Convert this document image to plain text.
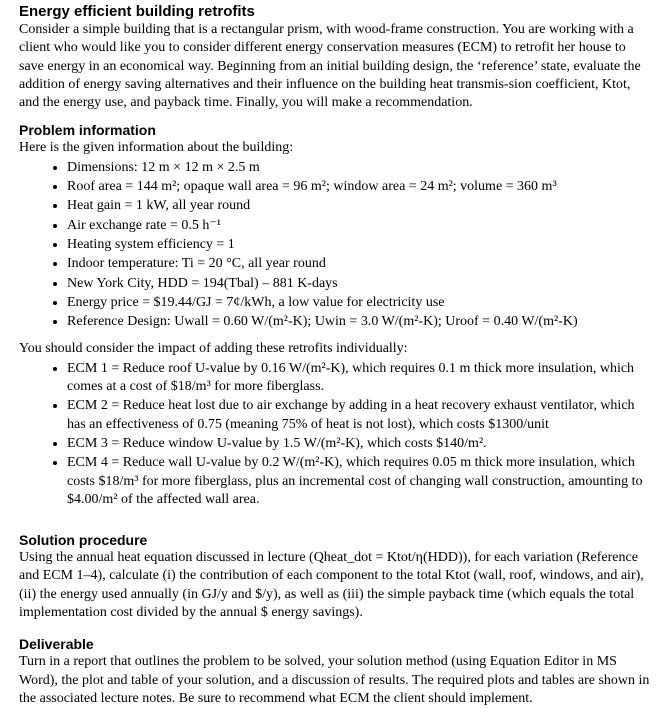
Energy efficient building retrofits

Consider a simple building that is a rectangular prism, with wood-frame construction. You are working with a client who would like you to consider different energy conservation measures (ECM) to retrofit her house to save energy in an economical way. Beginning from an initial building design, the ‘reference’ state, evaluate the addition of energy saving alternatives and their influence on the building heat transmis-sion coefficient, Ktot, and the energy use, and payback time. Finally, you will make a recommendation.

Problem information

Here is the given information about the building:

• Dimensions: 12 m × 12 m × 2.5 m
• Roof area = 144 m²; opaque wall area = 96 m²; window area = 24 m²; volume = 360 m³
• Heat gain = 1 kW, all year round
• Air exchange rate = 0.5 h⁻¹
• Heating system efficiency = 1
• Indoor temperature: Ti = 20 °C, all year round
• New York City, HDD = 194(Tbal) – 881 K-days
• Energy price = $19.44/GJ = 7¢/kWh, a low value for electricity use
• Reference Design: Uwall = 0.60 W/(m²-K); Uwin = 3.0 W/(m²-K); Uroof = 0.40 W/(m²-K)

You should consider the impact of adding these retrofits individually:

• ECM 1 = Reduce roof U-value by 0.16 W/(m²-K), which requires 0.1 m thick more insulation, which comes at a cost of $18/m³ for more fiberglass.
• ECM 2 = Reduce heat lost due to air exchange by adding in a heat recovery exhaust ventilator, which has an effectiveness of 0.75 (meaning 75% of heat is not lost), which costs $1300/unit
• ECM 3 = Reduce window U-value by 1.5 W/(m²-K), which costs $140/m².
• ECM 4 = Reduce wall U-value by 0.2 W/(m²-K), which requires 0.05 m thick more insulation, which costs $18/m³ for more fiberglass, plus an incremental cost of changing wall construction, amounting to $4.00/m² of the affected wall area.
Solution procedure

Using the annual heat equation discussed in lecture (Qheat_dot = Ktot/η(HDD)), for each variation (Reference and ECM 1–4), calculate (i) the contribution of each component to the total Ktot (wall, roof, windows, and air), (ii) the energy used annually (in GJ/y and $/y), as well as (iii) the simple payback time (which equals the total implementation cost divided by the annual $ energy savings).

Deliverable

Turn in a report that outlines the problem to be solved, your solution method (using Equation Editor in MS Word), the plot and table of your solution, and a discussion of results. The required plots and tables are shown in the associated lecture notes. Be sure to recommend what ECM the client should implement.
